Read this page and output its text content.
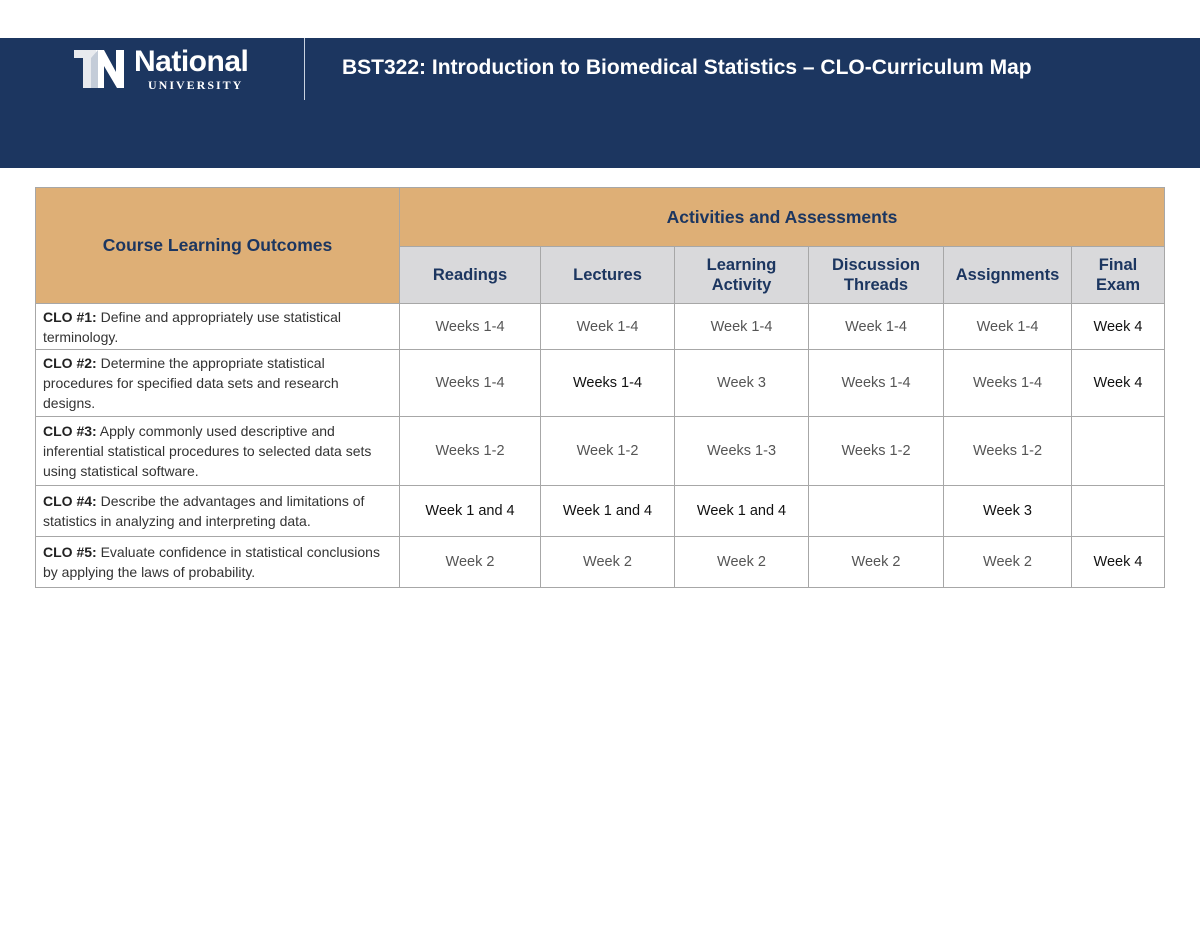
National
UNIVERSITY
BST322: Introduction to Biomedical Statistics – CLO-Curriculum Map
Course Learning Outcomes	Activities and Assessments					
	Readings	Lectures	Learning Activity	Discussion Threads	Assignments	Final Exam
CLO #1: Define and appropriately use statistical terminology.	Weeks 1-4	Week 1-4	Week 1-4	Week 1-4	Week 1-4	Week 4
CLO #2: Determine the appropriate statistical procedures for specified data sets and research designs.	Weeks 1-4	Weeks 1-4	Week 3	Weeks 1-4	Weeks 1-4	Week 4
CLO #3: Apply commonly used descriptive and inferential statistical procedures to selected data sets using statistical software.	Weeks 1-2	Week 1-2	Weeks 1-3	Weeks 1-2	Weeks 1-2	
CLO #4: Describe the advantages and limitations of statistics in analyzing and interpreting data.	Week 1 and 4	Week 1 and 4	Week 1 and 4		Week 3	
CLO #5: Evaluate confidence in statistical conclusions by applying the laws of probability.	Week 2	Week 2	Week 2	Week 2	Week 2	Week 4
